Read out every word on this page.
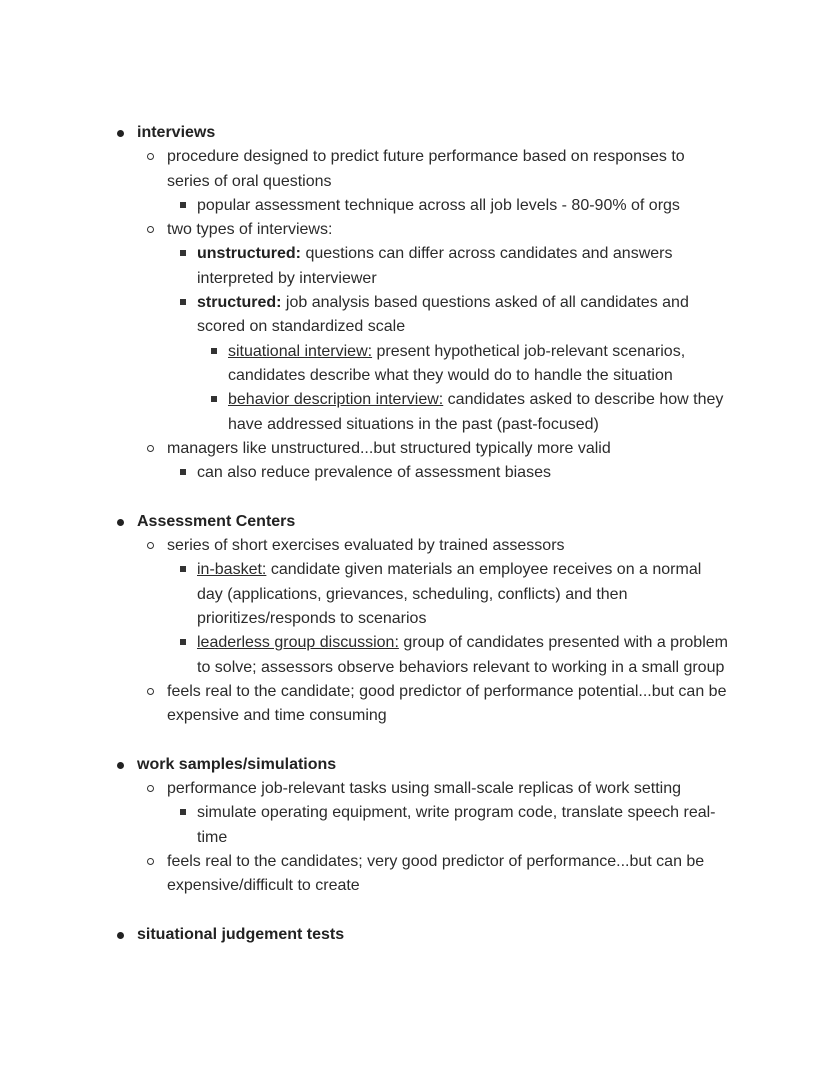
interviews
procedure designed to predict future performance based on responses to series of oral questions
popular assessment technique across all job levels - 80-90% of orgs
two types of interviews:
unstructured: questions can differ across candidates and answers interpreted by interviewer
structured: job analysis based questions asked of all candidates and scored on standardized scale
situational interview: present hypothetical job-relevant scenarios, candidates describe what they would do to handle the situation
behavior description interview: candidates asked to describe how they have addressed situations in the past (past-focused)
managers like unstructured...but structured typically more valid
can also reduce prevalence of assessment biases
Assessment Centers
series of short exercises evaluated by trained assessors
in-basket: candidate given materials an employee receives on a normal day (applications, grievances, scheduling, conflicts) and then prioritizes/responds to scenarios
leaderless group discussion: group of candidates presented with a problem to solve; assessors observe behaviors relevant to working in a small group
feels real to the candidate; good predictor of performance potential...but can be expensive and time consuming
work samples/simulations
performance job-relevant tasks using small-scale replicas of work setting
simulate operating equipment, write program code, translate speech real-time
feels real to the candidates; very good predictor of performance...but can be expensive/difficult to create
situational judgement tests
